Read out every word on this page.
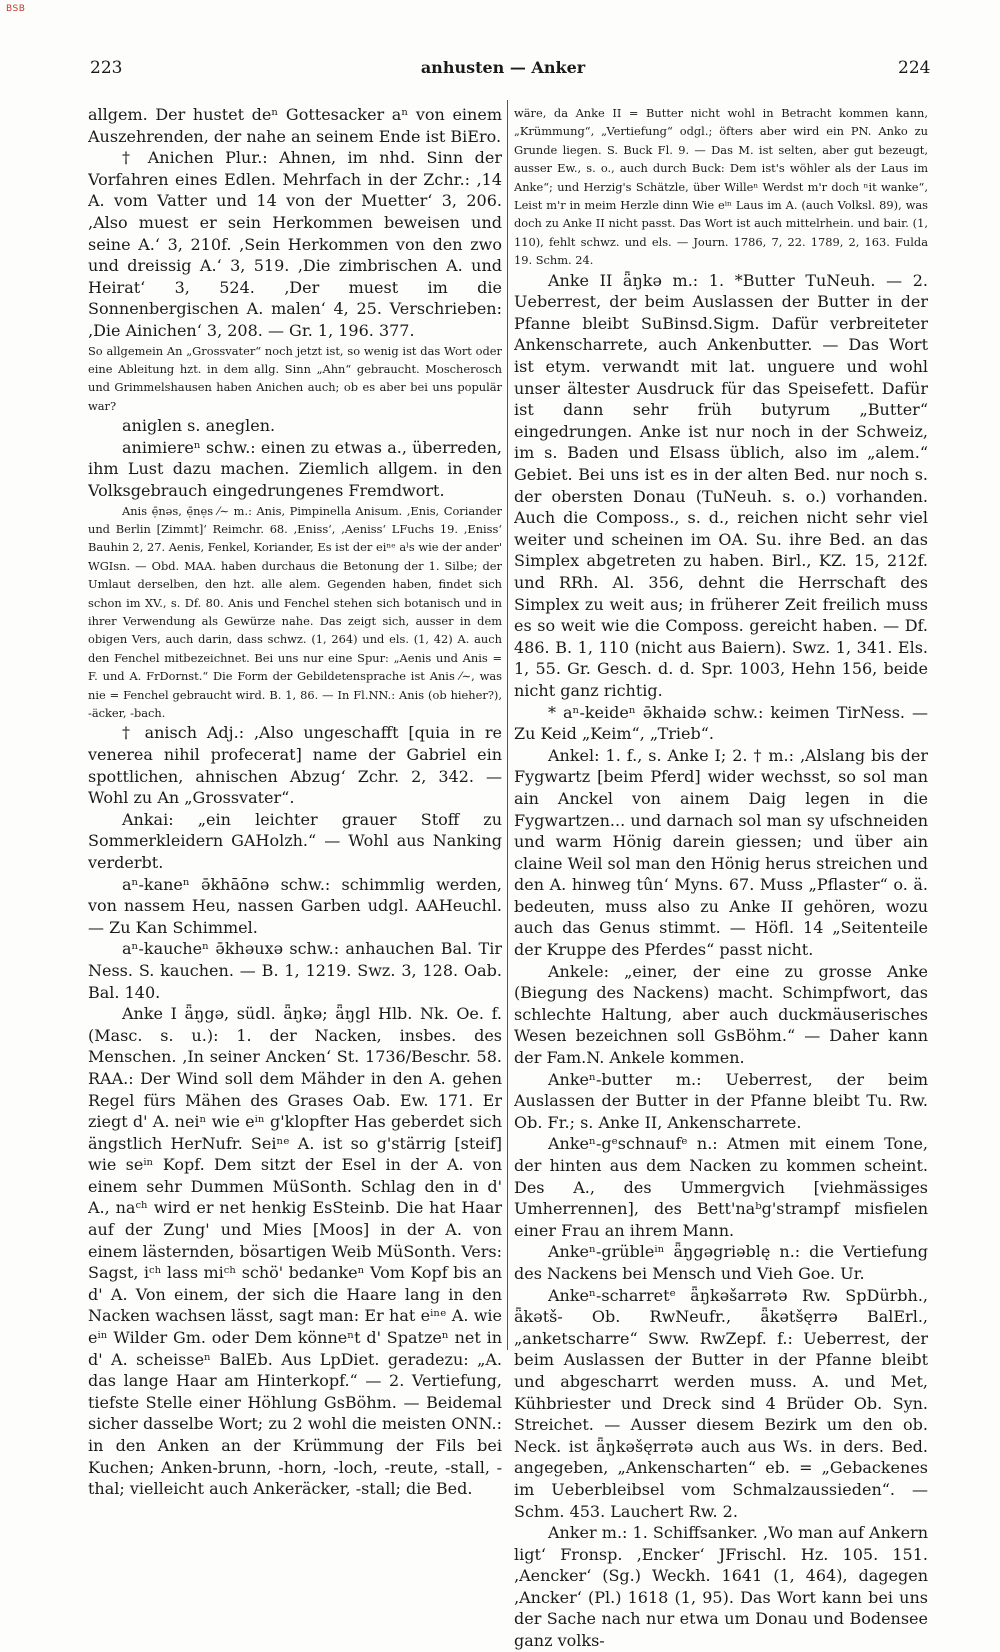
BSB
223	anhusten — Anker	224

allgem. Der hustet deⁿ Gottesacker aⁿ von einem Auszehrenden, der nahe an seinem Ende ist BiEro.

† Anichen Plur.: Ahnen, im nhd. Sinn der Vorfahren eines Edlen. Mehrfach in der Zchr.: ‚14 A. vom Vatter und 14 von der Muetter‘ 3, 206. ‚Also muest er sein Herkommen beweisen und seine A.‘ 3, 210f. ‚Sein Herkommen von den zwo und dreissig A.‘ 3, 519. ‚Die zimbrischen A. und Heirat‘ 3, 524. ‚Der muest im die Sonnenbergischen A. malen‘ 4, 25. Verschrieben: ‚Die Ainichen‘ 3, 208. — Gr. 1, 196. 377.

So allgemein An „Grossvater“ noch jetzt ist, so wenig ist das Wort oder eine Ableitung hzt. in dem allg. Sinn „Ahn“ gebraucht. Moscherosch und Grimmelshausen haben Anichen auch; ob es aber bei uns populär war?

aniglen s. aneglen.

animiereⁿ schw.: einen zu etwas a., überreden, ihm Lust dazu machen. Ziemlich allgem. in den Volksgebrauch eingedrungenes Fremdwort.

Anis ẹ̄nəs, ẹ̄nẹs ⁄∼ m.: Anis, Pimpinella Anisum. ‚Enis, Coriander und Berlin [Zimmt]‘ Reimchr. 68. ‚Eniss‘, ‚Aeniss‘ LFuchs 19. ‚Eniss‘ Bauhin 2, 27. Aenis, Fenkel, Koriander, Es ist der eiⁿᵉ aˡs wie der ander' WGIsn. — Obd. MAA. haben durchaus die Betonung der 1. Silbe; der Umlaut derselben, den hzt. alle alem. Gegenden haben, findet sich schon im XV., s. Df. 80. Anis und Fenchel stehen sich botanisch und in ihrer Verwendung als Gewürze nahe. Das zeigt sich, ausser in dem obigen Vers, auch darin, dass schwz. (1, 264) und els. (1, 42) A. auch den Fenchel mitbezeichnet. Bei uns nur eine Spur: „Aenis und Anis = F. und A. FrDornst.“ Die Form der Gebildetensprache ist Anis ⁄∼, was nie = Fenchel gebraucht wird. B. 1, 86. — In Fl.NN.: Anis (ob hieher?), -äcker, -bach.

† anisch Adj.: ‚Also ungeschafft [quia in re venerea nihil profecerat] name der Gabriel ein spottlichen, ahnischen Abzug‘ Zchr. 2, 342. — Wohl zu An „Grossvater“.

Ankai: „ein leichter grauer Stoff zu Sommerkleidern GAHolzh.“ — Wohl aus Nanking verderbt.

aⁿ-kaneⁿ ə̄khāōnə schw.: schimmlig werden, von nassem Heu, nassen Garben udgl. AAHeuchl. — Zu Kan Schimmel.

aⁿ-kaucheⁿ ə̄khəuxə schw.: anhauchen Bal. Tir Ness. S. kauchen. — B. 1, 1219. Swz. 3, 128. Oab. Bal. 140.

Anke I ǟŋgə, südl. ǟŋkə; ǟŋgl Hlb. Nk. Oe. f. (Masc. s. u.): 1. der Nacken, insbes. des Menschen. ‚In seiner Ancken‘ St. 1736/Beschr. 58. RAA.: Der Wind soll dem Mähder in den A. gehen Regel fürs Mähen des Grases Oab. Ew. 171. Er ziegt d' A. neiⁿ wie eⁱⁿ g'klopfter Has geberdet sich ängstlich HerNufr. Seiⁿᵉ A. ist so g'stärrig [steif] wie seⁱⁿ Kopf. Dem sitzt der Esel in der A. von einem sehr Dummen MüSonth. Schlag den in d' A., naᶜʰ wird er net henkig EsSteinb. Die hat Haar auf der Zung' und Mies [Moos] in der A. von einem lästernden, bösartigen Weib MüSonth. Vers: Sagst, iᶜʰ lass miᶜʰ schö' bedankeⁿ Vom Kopf bis an d' A. Von einem, der sich die Haare lang in den Nacken wachsen lässt, sagt man: Er hat eⁱⁿᵉ A. wie eⁱⁿ Wilder Gm. oder Dem könneⁿt d' Spatzeⁿ net in d' A. scheisseⁿ BalEb. Aus LpDiet. geradezu: „A. das lange Haar am Hinterkopf.“ — 2. Vertiefung, tiefste Stelle einer Höhlung GsBöhm. — Beidemal sicher dasselbe Wort; zu 2 wohl die meisten ONN.: in den Anken an der Krümmung der Fils bei Kuchen; Anken-brunn, -horn, -loch, -reute, -stall, -thal; vielleicht auch Ankeräcker, -stall; die Bed.

wäre, da Anke II = Butter nicht wohl in Betracht kommen kann, „Krümmung“, „Vertiefung“ odgl.; öfters aber wird ein PN. Anko zu Grunde liegen. S. Buck Fl. 9. — Das M. ist selten, aber gut bezeugt, ausser Ew., s. o., auch durch Buck: Dem ist's wöhler als der Laus im Anke“; und Herzig's Schätzle, über Willeⁿ Werdst m'r doch ⁿit wanke“, Leist m'r in meim Herzle dinn Wie eⁱⁿ Laus im A. (auch Volksl. 89), was doch zu Anke II nicht passt. Das Wort ist auch mittelrhein. und bair. (1, 110), fehlt schwz. und els. — Journ. 1786, 7, 22. 1789, 2, 163. Fulda 19. Schm. 24.

Anke II ǟŋkə m.: 1. *Butter TuNeuh. — 2. Ueberrest, der beim Auslassen der Butter in der Pfanne bleibt SuBinsd.Sigm. Dafür verbreiteter Ankenscharrete, auch Ankenbutter. — Das Wort ist etym. verwandt mit lat. unguere und wohl unser ältester Ausdruck für das Speisefett. Dafür ist dann sehr früh butyrum „Butter“ eingedrungen. Anke ist nur noch in der Schweiz, im s. Baden und Elsass üblich, also im „alem.“ Gebiet. Bei uns ist es in der alten Bed. nur noch s. der obersten Donau (TuNeuh. s. o.) vorhanden. Auch die Composs., s. d., reichen nicht sehr viel weiter und scheinen im OA. Su. ihre Bed. an das Simplex abgetreten zu haben. Birl., KZ. 15, 212f. und RRh. Al. 356, dehnt die Herrschaft des Simplex zu weit aus; in früherer Zeit freilich muss es so weit wie die Composs. gereicht haben. — Df. 486. B. 1, 110 (nicht aus Baiern). Swz. 1, 341. Els. 1, 55. Gr. Gesch. d. d. Spr. 1003, Hehn 156, beide nicht ganz richtig.

* aⁿ-keideⁿ ə̄khaidə schw.: keimen TirNess. — Zu Keid „Keim“, „Trieb“.

Ankel: 1. f., s. Anke I; 2. † m.: ‚Alslang bis der Fygwartz [beim Pferd] wider wechsst, so sol man ain Anckel von ainem Daig legen in die Fygwartzen... und darnach sol man sy ufschneiden und warm Hönig darein giessen; und über ain claine Weil sol man den Hönig herus streichen und den A. hinweg tûn‘ Myns. 67. Muss „Pflaster“ o. ä. bedeuten, muss also zu Anke II gehören, wozu auch das Genus stimmt. — Höfl. 14 „Seitenteile der Kruppe des Pferdes“ passt nicht.

Ankele: „einer, der eine zu grosse Anke (Biegung des Nackens) macht. Schimpfwort, das schlechte Haltung, aber auch duckmäuserisches Wesen bezeichnen soll GsBöhm.“ — Daher kann der Fam.N. Ankele kommen.

Ankeⁿ-butter m.: Ueberrest, der beim Auslassen der Butter in der Pfanne bleibt Tu. Rw. Ob. Fr.; s. Anke II, Ankenscharrete.

Ankeⁿ-gᵉschnaufᵉ n.: Atmen mit einem Tone, der hinten aus dem Nacken zu kommen scheint. Des A., des Ummergvich [viehmässiges Umherrennen], des Bett'naᵇg'strampf misfielen einer Frau an ihrem Mann.

Ankeⁿ-grübleⁱⁿ ǟŋgəgriəblę n.: die Vertiefung des Nackens bei Mensch und Vieh Goe. Ur.

Ankeⁿ-scharretᵉ ǟŋkəšarrətə Rw. SpDürbh., ǟkətš- Ob. RwNeufr., ǟkətšęrrə BalErl., „anketscharre“ Sww. RwZepf. f.: Ueberrest, der beim Auslassen der Butter in der Pfanne bleibt und abgescharrt werden muss. A. und Met, Kühbriester und Dreck sind 4 Brüder Ob. Syn. Streichet. — Ausser diesem Bezirk um den ob. Neck. ist ǟŋkəšęrrətə auch aus Ws. in ders. Bed. angegeben, „Ankenscharten“ eb. = „Gebackenes im Ueberbleibsel vom Schmalzaussieden“. — Schm. 453. Lauchert Rw. 2.

Anker m.: 1. Schiffsanker. ‚Wo man auf Ankern ligt‘ Fronsp. ‚Encker‘ JFrischl. Hz. 105. 151. ‚Aencker‘ (Sg.) Weckh. 1641 (1, 464), dagegen ‚Ancker‘ (Pl.) 1618 (1, 95). Das Wort kann bei uns der Sache nach nur etwa um Donau und Bodensee ganz volks-
